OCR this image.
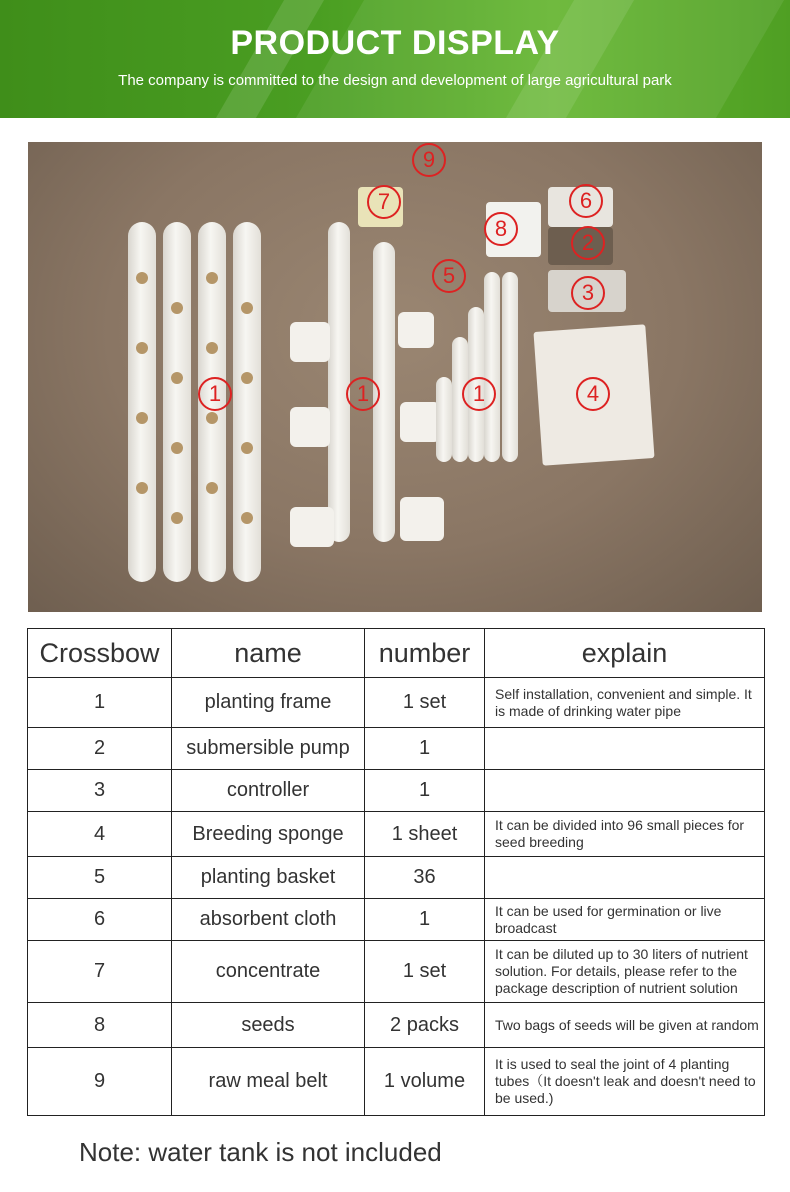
PRODUCT DISPLAY
The company is committed to the design and development of large agricultural park
1	1	1
2
3
4
5
6
7
8
9
Crossbow	name	number	explain
1	planting frame	1 set	Self installation, convenient and simple. It is made of drinking water pipe
2	submersible pump	1	
3	controller	1	
4	Breeding sponge	1 sheet	It can be divided into 96 small pieces for seed breeding
5	planting basket	36	
6	absorbent cloth	1	It can be used for germination or live broadcast
7	concentrate	1 set	It can be diluted up to 30 liters of nutrient solution. For details, please refer to the package description of nutrient solution
8	seeds	2 packs	Two bags of seeds will be given at random
9	raw meal belt	1 volume	It is used to seal the joint of 4 planting tubes（It doesn't leak and doesn't need to be used.)
Note: water tank is not included
